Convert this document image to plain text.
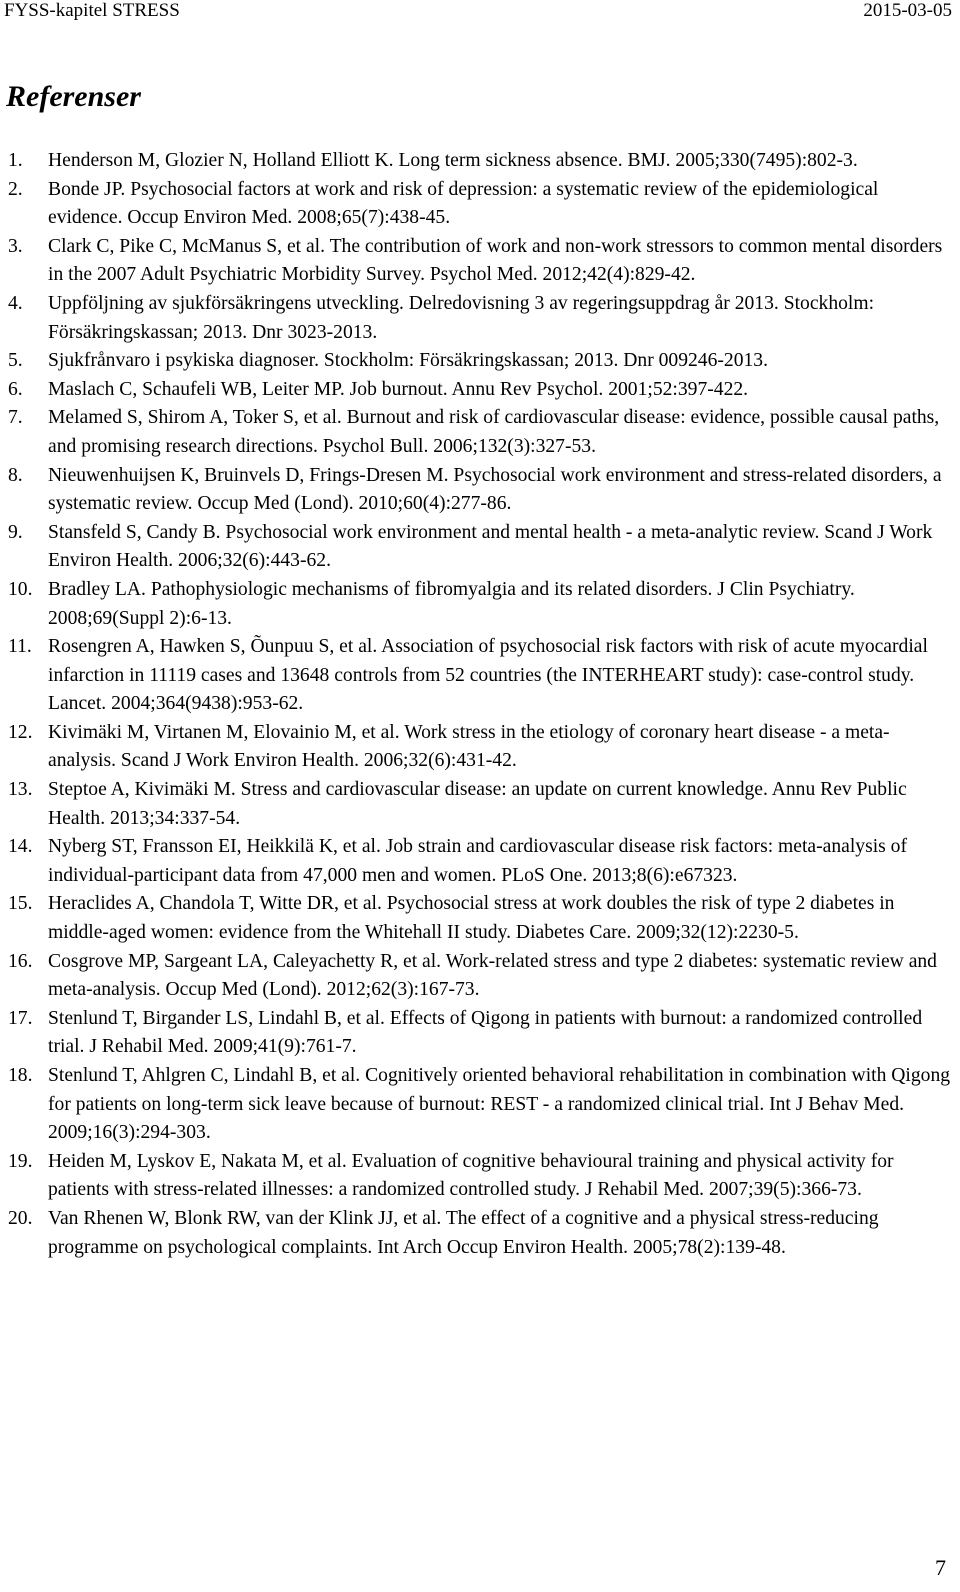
FYSS-kapitel STRESS	2015-03-05
Referenser
1.	Henderson M, Glozier N, Holland Elliott K. Long term sickness absence. BMJ. 2005;330(7495):802-3.
2.	Bonde JP. Psychosocial factors at work and risk of depression: a systematic review of the epidemiological evidence. Occup Environ Med. 2008;65(7):438-45.
3.	Clark C, Pike C, McManus S, et al. The contribution of work and non-work stressors to common mental disorders in the 2007 Adult Psychiatric Morbidity Survey. Psychol Med. 2012;42(4):829-42.
4.	Uppföljning av sjukförsäkringens utveckling. Delredovisning 3 av regeringsuppdrag år 2013. Stockholm: Försäkringskassan; 2013. Dnr 3023-2013.
5.	Sjukfrånvaro i psykiska diagnoser. Stockholm: Försäkringskassan; 2013. Dnr 009246-2013.
6.	Maslach C, Schaufeli WB, Leiter MP. Job burnout. Annu Rev Psychol. 2001;52:397-422.
7.	Melamed S, Shirom A, Toker S, et al. Burnout and risk of cardiovascular disease: evidence, possible causal paths, and promising research directions. Psychol Bull. 2006;132(3):327-53.
8.	Nieuwenhuijsen K, Bruinvels D, Frings-Dresen M. Psychosocial work environment and stress-related disorders, a systematic review. Occup Med (Lond). 2010;60(4):277-86.
9.	Stansfeld S, Candy B. Psychosocial work environment and mental health - a meta-analytic review. Scand J Work Environ Health. 2006;32(6):443-62.
10. Bradley LA. Pathophysiologic mechanisms of fibromyalgia and its related disorders. J Clin Psychiatry. 2008;69(Suppl 2):6-13.
11. Rosengren A, Hawken S, Õunpuu S, et al. Association of psychosocial risk factors with risk of acute myocardial infarction in 11119 cases and 13648 controls from 52 countries (the INTERHEART study): case-control study. Lancet. 2004;364(9438):953-62.
12. Kivimäki M, Virtanen M, Elovainio M, et al. Work stress in the etiology of coronary heart disease - a meta-analysis. Scand J Work Environ Health. 2006;32(6):431-42.
13. Steptoe A, Kivimäki M. Stress and cardiovascular disease: an update on current knowledge. Annu Rev Public Health. 2013;34:337-54.
14. Nyberg ST, Fransson EI, Heikkilä K, et al. Job strain and cardiovascular disease risk factors: meta-analysis of individual-participant data from 47,000 men and women. PLoS One. 2013;8(6):e67323.
15. Heraclides A, Chandola T, Witte DR, et al. Psychosocial stress at work doubles the risk of type 2 diabetes in middle-aged women: evidence from the Whitehall II study. Diabetes Care. 2009;32(12):2230-5.
16. Cosgrove MP, Sargeant LA, Caleyachetty R, et al. Work-related stress and type 2 diabetes: systematic review and meta-analysis. Occup Med (Lond). 2012;62(3):167-73.
17. Stenlund T, Birgander LS, Lindahl B, et al. Effects of Qigong in patients with burnout: a randomized controlled trial. J Rehabil Med. 2009;41(9):761-7.
18. Stenlund T, Ahlgren C, Lindahl B, et al. Cognitively oriented behavioral rehabilitation in combination with Qigong for patients on long-term sick leave because of burnout: REST - a randomized clinical trial. Int J Behav Med. 2009;16(3):294-303.
19. Heiden M, Lyskov E, Nakata M, et al. Evaluation of cognitive behavioural training and physical activity for patients with stress-related illnesses: a randomized controlled study. J Rehabil Med. 2007;39(5):366-73.
20. Van Rhenen W, Blonk RW, van der Klink JJ, et al. The effect of a cognitive and a physical stress-reducing programme on psychological complaints. Int Arch Occup Environ Health. 2005;78(2):139-48.
7
